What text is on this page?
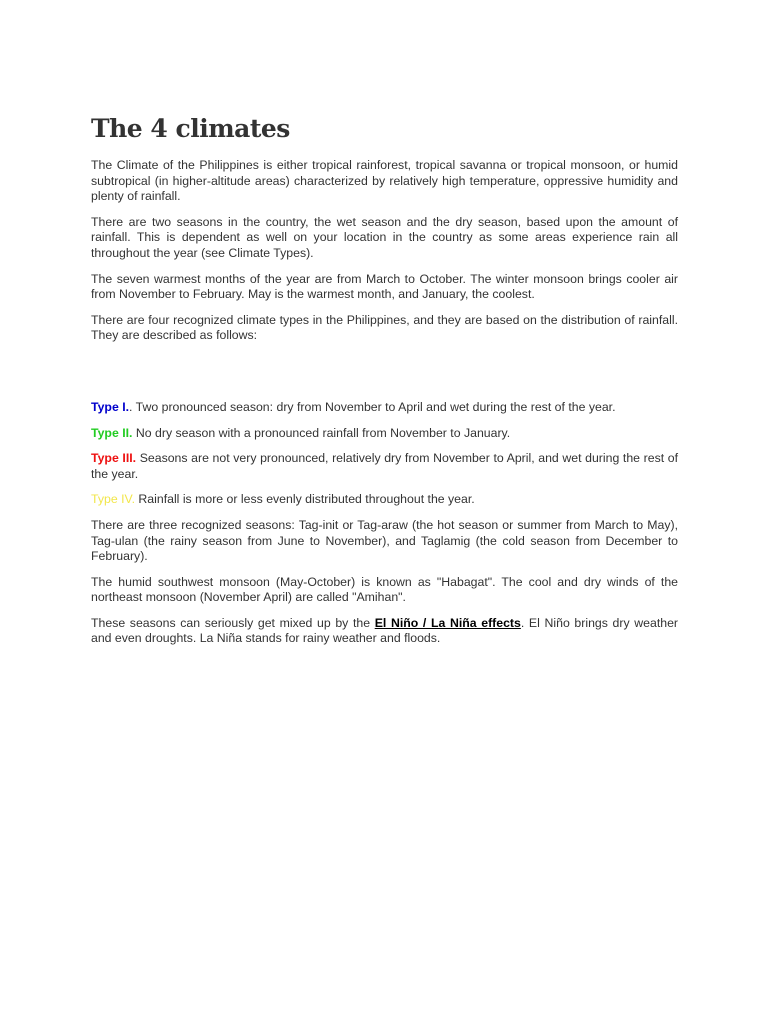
The 4 climates

The Climate of the Philippines is either tropical rainforest, tropical savanna or tropical monsoon, or humid subtropical (in higher-altitude areas) characterized by relatively high temperature, oppressive humidity and plenty of rainfall.

There are two seasons in the country, the wet season and the dry season, based upon the amount of rainfall. This is dependent as well on your location in the country as some areas experience rain all throughout the year (see Climate Types).

The seven warmest months of the year are from March to October. The winter monsoon brings cooler air from November to February. May is the warmest month, and January, the coolest.

There are four recognized climate types in the Philippines, and they are based on the distribution of rainfall. They are described as follows:

Type I.. Two pronounced season: dry from November to April and wet during the rest of the year.

Type II. No dry season with a pronounced rainfall from November to January.

Type III. Seasons are not very pronounced, relatively dry from November to April, and wet during the rest of the year.

Type IV. Rainfall is more or less evenly distributed throughout the year.

There are three recognized seasons: Tag-init or Tag-araw (the hot season or summer from March to May), Tag-ulan (the rainy season from June to November), and Taglamig (the cold season from December to February).

The humid southwest monsoon (May-October) is known as "Habagat". The cool and dry winds of the northeast monsoon (November April) are called "Amihan".

These seasons can seriously get mixed up by the El Niño / La Niña effects. El Niño brings dry weather and even droughts. La Niña stands for rainy weather and floods.
